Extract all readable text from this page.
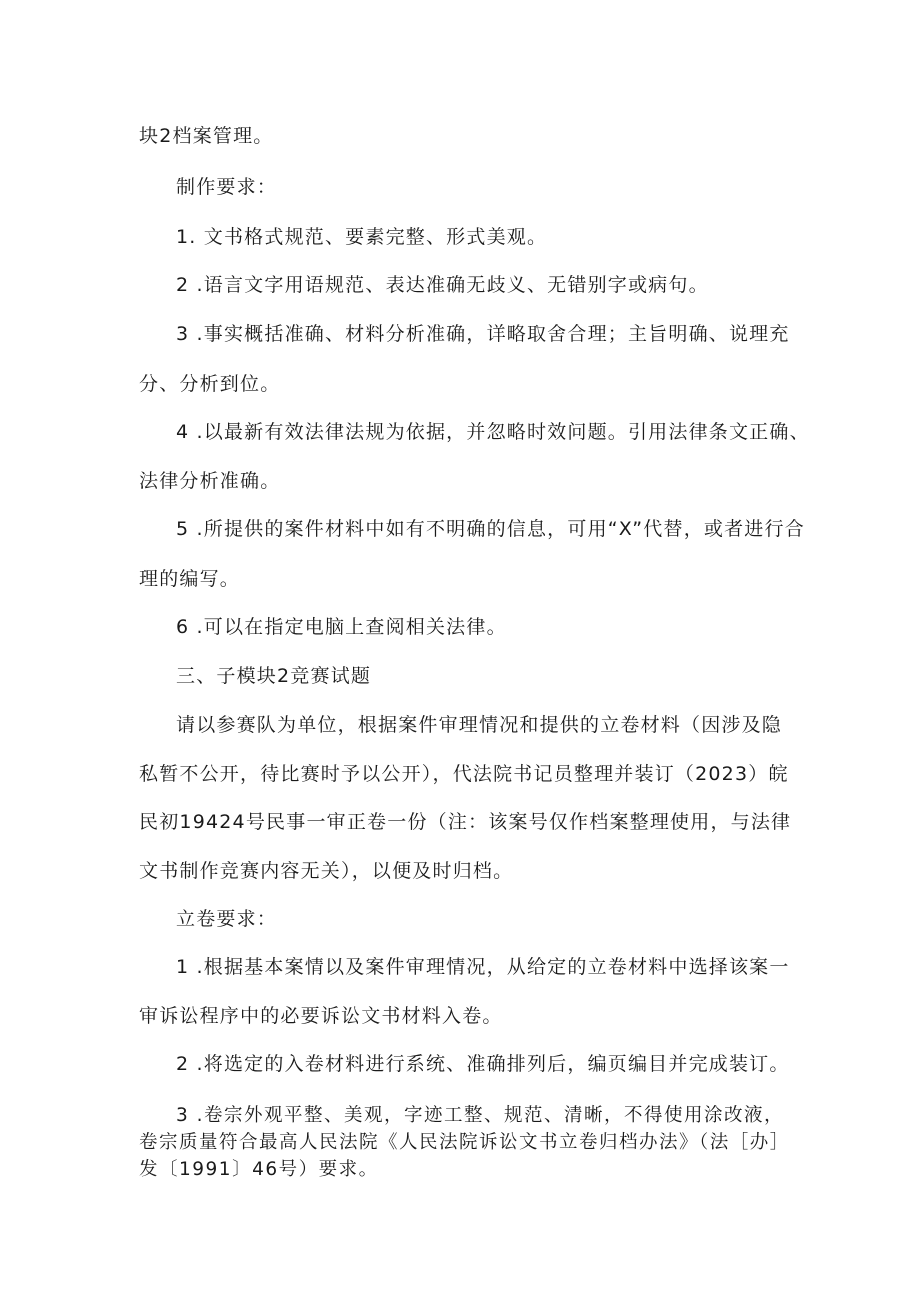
块2档案管理。
制作要求：
1. 文书格式规范、要素完整、形式美观。
2 .语言文字用语规范、表达准确无歧义、无错别字或病句。
3 .事实概括准确、材料分析准确，详略取舍合理；主旨明确、说理充
分、分析到位。
4 .以最新有效法律法规为依据，并忽略时效问题。引用法律条文正确、
法律分析准确。
5 .所提供的案件材料中如有不明确的信息，可用“X”代替，或者进行合
理的编写。
6 .可以在指定电脑上查阅相关法律。
三、子模块2竞赛试题
请以参赛队为单位，根据案件审理情况和提供的立卷材料（因涉及隐
私暂不公开，待比赛时予以公开），代法院书记员整理并装订（2023）皖
民初19424号民事一审正卷一份（注：该案号仅作档案整理使用，与法律
文书制作竞赛内容无关），以便及时归档。
立卷要求：
1 .根据基本案情以及案件审理情况，从给定的立卷材料中选择该案一
审诉讼程序中的必要诉讼文书材料入卷。
2 .将选定的入卷材料进行系统、准确排列后，编页编目并完成装订。
3 .卷宗外观平整、美观，字迹工整、规范、清晰，不得使用涂改液，
卷宗质量符合最高人民法院《人民法院诉讼文书立卷归档办法》（法［办］
发〔1991〕46号）要求。
